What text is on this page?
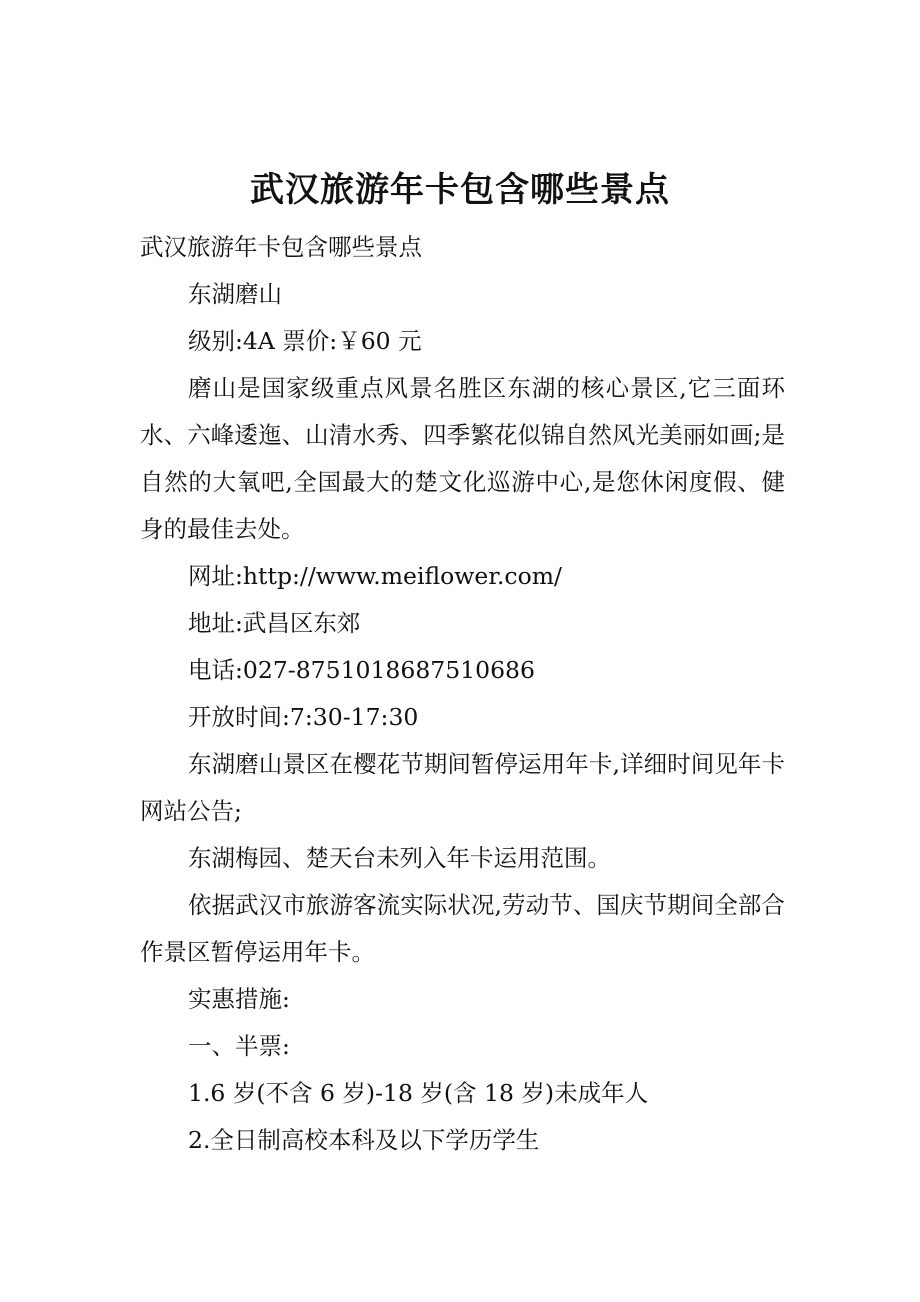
武汉旅游年卡包含哪些景点

武汉旅游年卡包含哪些景点

东湖磨山

级别:4A 票价:￥60 元

磨山是国家级重点风景名胜区东湖的核心景区,它三面环水、六峰逶迤、山清水秀、四季繁花似锦自然风光美丽如画;是自然的大氧吧,全国最大的楚文化巡游中心,是您休闲度假、健身的最佳去处。

网址:http://www.meiflower.com/

地址:武昌区东郊

电话:027-8751018687510686

开放时间:7:30-17:30

东湖磨山景区在樱花节期间暂停运用年卡,详细时间见年卡网站公告;

东湖梅园、楚天台未列入年卡运用范围。

依据武汉市旅游客流实际状况,劳动节、国庆节期间全部合作景区暂停运用年卡。

实惠措施:

一、半票:

1.6 岁(不含 6 岁)-18 岁(含 18 岁)未成年人

2.全日制高校本科及以下学历学生
